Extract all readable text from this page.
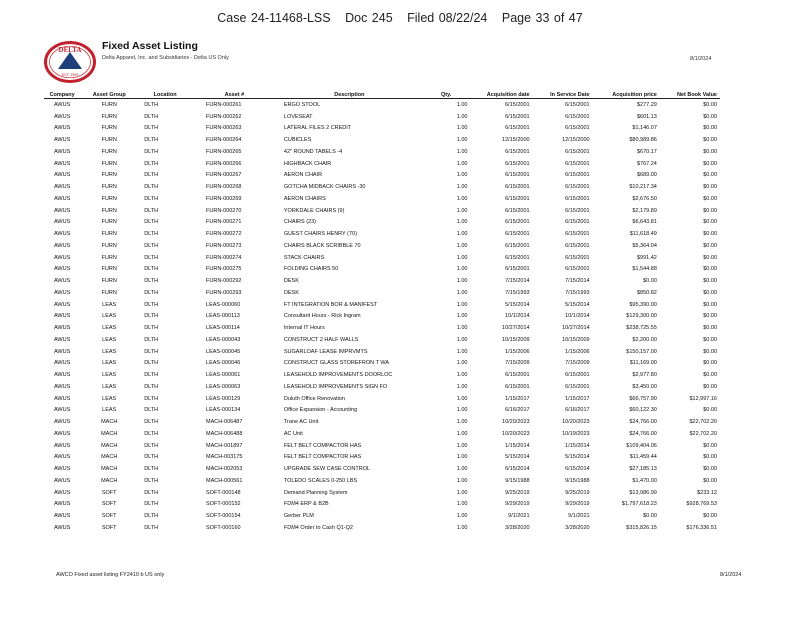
Case 24-11468-LSS Doc 245 Filed 08/22/24 Page 33 of 47
DELTA
EST. 1999
Fixed Asset Listing
Delta Apparel, Inc. and Subsidiaries - Delta US Only	8/1/2024
Company	Asset Group	Location	Asset #	Description	Qty.	Acquisition date	In Service Date	Acquisition price	Net Book Value
AWUS	FURN	DLTH	FURN-000261	ERGO STOOL	1.00	6/15/2001	6/15/2001	$277.29	$0.00
AWUS	FURN	DLTH	FURN-000262	LOVESEAT	1.00	6/15/2001	6/15/2001	$601.13	$0.00
AWUS	FURN	DLTH	FURN-000263	LATERAL FILES 2 CREDIT	1.00	6/15/2001	6/15/2001	$1,146.07	$0.00
AWUS	FURN	DLTH	FURN-000264	CUBICLES	1.00	12/15/2000	12/15/2000	$80,989.86	$0.00
AWUS	FURN	DLTH	FURN-000265	42" ROUND TABELS -4	1.00	6/15/2001	6/15/2001	$670.17	$0.00
AWUS	FURN	DLTH	FURN-000266	HIGHBACK CHAIR	1.00	6/15/2001	6/15/2001	$767.24	$0.00
AWUS	FURN	DLTH	FURN-000267	AERON CHAIR	1.00	6/15/2001	6/15/2001	$689.00	$0.00
AWUS	FURN	DLTH	FURN-000268	GOTCHA MIDBACK CHAIRS -30	1.00	6/15/2001	6/15/2001	$10,217.34	$0.00
AWUS	FURN	DLTH	FURN-000269	AERON CHAIRS	1.00	6/15/2001	6/15/2001	$2,676.50	$0.00
AWUS	FURN	DLTH	FURN-000270	YORKDALE CHAIRS (9)	1.00	6/15/2001	6/15/2001	$2,179.89	$0.00
AWUS	FURN	DLTH	FURN-000271	CHAIRS (23)	1.00	6/15/2001	6/15/2001	$6,643.81	$0.00
AWUS	FURN	DLTH	FURN-000272	GUEST CHAIRS HENRY (70)	1.00	6/15/2001	6/15/2001	$11,618.49	$0.00
AWUS	FURN	DLTH	FURN-000273	CHAIRS BLACK SCRIBBLE 70	1.00	6/15/2001	6/15/2001	$5,364.04	$0.00
AWUS	FURN	DLTH	FURN-000274	STACK CHAIRS	1.00	6/15/2001	6/15/2001	$991.42	$0.00
AWUS	FURN	DLTH	FURN-000275	FOLDING CHAIRS 50	1.00	6/15/2001	6/15/2001	$1,544.88	$0.00
AWUS	FURN	DLTH	FURN-000292	DESK	1.00	7/15/2014	7/15/2014	$0.00	$0.00
AWUS	FURN	DLTH	FURN-000293	DESK	1.00	7/15/1993	7/15/1993	$850.82	$0.00
AWUS	LEAS	DLTH	LEAS-000060	FT INTEGRATION BOR & MANIFEST	1.00	5/15/2014	5/15/2014	$95,390.00	$0.00
AWUS	LEAS	DLTH	LEAS-000113	Consultant Hours - Rick Ingram	1.00	10/1/2014	10/1/2014	$129,300.00	$0.00
AWUS	LEAS	DLTH	LEAS-000114	Internal IT Hours	1.00	10/27/2014	10/27/2014	$238,725.55	$0.00
AWUS	LEAS	DLTH	LEAS-000043	CONSTRUCT 2 HALF WALLS	1.00	10/15/2009	10/15/2009	$2,200.00	$0.00
AWUS	LEAS	DLTH	LEAS-000045	SUGARLOAF LEASE IMPRVMTS	1.00	1/15/2006	1/15/2006	$150,157.00	$0.00
AWUS	LEAS	DLTH	LEAS-000046	CONSTRUCT GLASS STOREFRON T WA	1.00	7/15/2009	7/15/2009	$11,169.00	$0.00
AWUS	LEAS	DLTH	LEAS-000061	LEASEHOLD IMPROVEMENTS DOORLOC	1.00	6/15/2001	6/15/2001	$2,977.80	$0.00
AWUS	LEAS	DLTH	LEAS-000063	LEASEHOLD IMPROVEMENTS SIGN FO	1.00	6/15/2001	6/15/2001	$3,450.00	$0.00
AWUS	LEAS	DLTH	LEAS-000129	Duluth Office Renovation	1.00	1/15/2017	1/15/2017	$66,757.90	$12,997.16
AWUS	LEAS	DLTH	LEAS-000134	Office Expansion - Accounting	1.00	6/16/2017	6/16/2017	$60,122.30	$0.00
AWUS	MACH	DLTH	MACH-006487	Trane AC Unit	1.00	10/20/2023	10/20/2023	$24,766.00	$22,702.20
AWUS	MACH	DLTH	MACH-006488	AC Unit	1.00	10/20/2023	10/19/2023	$24,766.00	$22,702.20
AWUS	MACH	DLTH	MACH-001897	FELT BELT COMPACTOR HAS	1.00	1/15/2014	1/15/2014	$109,404.06	$0.00
AWUS	MACH	DLTH	MACH-003175	FELT BELT COMPACTOR HAS	1.00	5/15/2014	5/15/2014	$11,459.44	$0.00
AWUS	MACH	DLTH	MACH-002053	UPGRADE SEW CASE CONTROL	1.00	6/15/2014	6/15/2014	$27,185.13	$0.00
AWUS	MACH	DLTH	MACH-000561	TOLEDO SCALES 0-250 LBS	1.00	9/15/1988	9/15/1988	$1,470.00	$0.00
AWUS	SOFT	DLTH	SOFT-000148	Demand Planning System	1.00	9/25/2019	9/25/2019	$13,986.99	$233.12
AWUS	SOFT	DLTH	SOFT-000152	FDM4 ERP & B2B	1.00	9/29/2019	9/29/2019	$1,797,618.23	$928,769.53
AWUS	SOFT	DLTH	SOFT-000154	Gerber PLM	1.00	9/1/2021	9/1/2021	$0.00	$0.00
AWUS	SOFT	DLTH	SOFT-000160	FDM4 Order to Cash Q1-Q2	1.00	3/28/2020	3/28/2020	$315,826.15	$176,336.51
AWCO Fixed asset listing FY2410 b US only	8/1/2024
